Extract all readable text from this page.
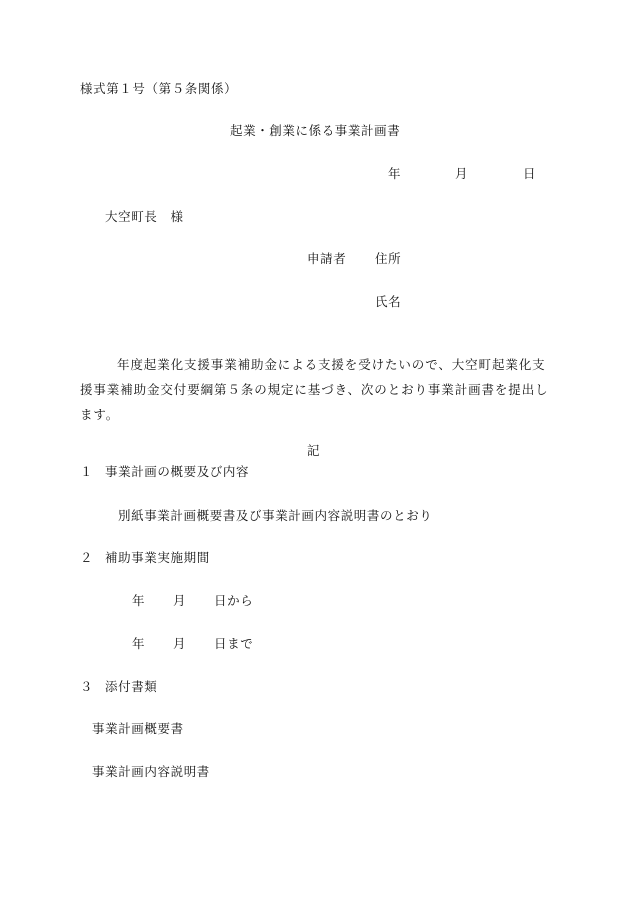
様式第１号（第５条関係）
起業・創業に係る事業計画書
年	月	日
大空町長　様
申請者 住所
氏名
年度起業化支援事業補助金による支援を受けたいので、大空町起業化支
援事業補助金交付要綱第５条の規定に基づき、次のとおり事業計画書を提出し
ます。
記
１ 事業計画の概要及び内容
別紙事業計画概要書及び事業計画内容説明書のとおり
２ 補助事業実施期間
年 月 日から
年 月 日まで
３ 添付書類
事業計画概要書
事業計画内容説明書
